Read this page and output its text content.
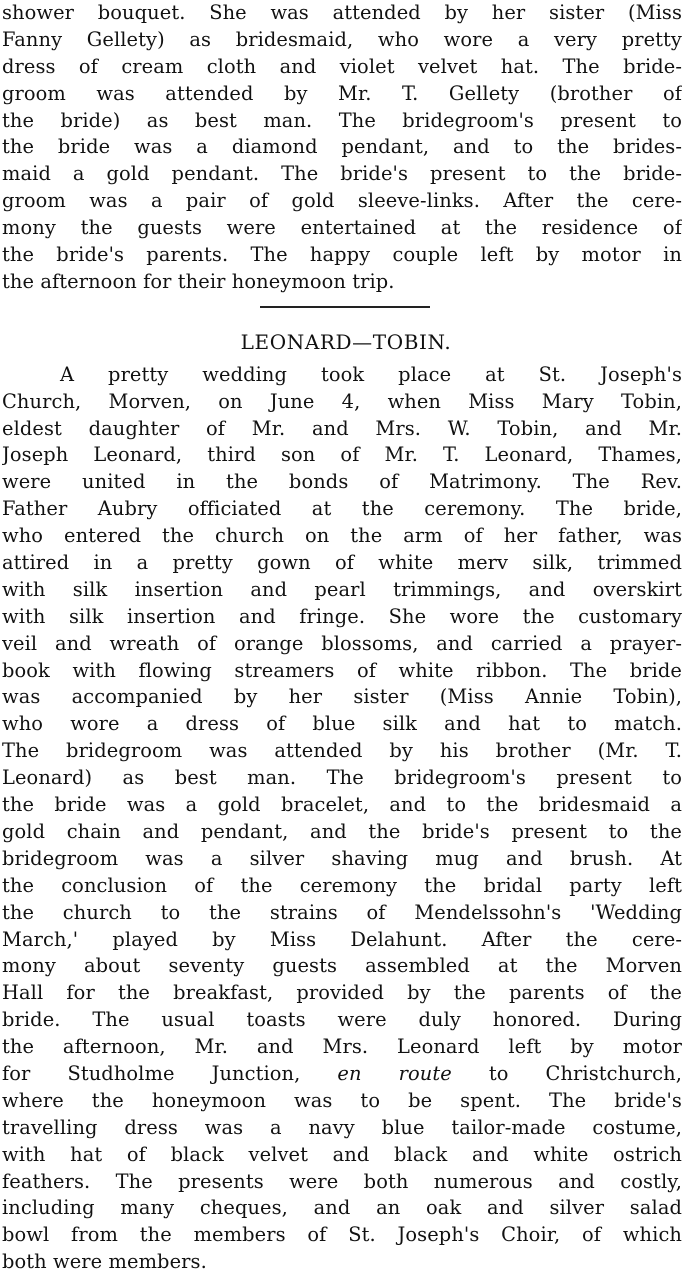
shower bouquet. She was attended by her sister (Miss
Fanny Gellety) as bridesmaid, who wore a very pretty
dress of cream cloth and violet velvet hat. The bride-
groom was attended by Mr. T. Gellety (brother of
the bride) as best man. The bridegroom's present to
the bride was a diamond pendant, and to the brides-
maid a gold pendant. The bride's present to the bride-
groom was a pair of gold sleeve-links. After the cere-
mony the guests were entertained at the residence of
the bride's parents. The happy couple left by motor in
the afternoon for their honeymoon trip.
LEONARD—TOBIN.
A pretty wedding took place at St. Joseph's
Church, Morven, on June 4, when Miss Mary Tobin,
eldest daughter of Mr. and Mrs. W. Tobin, and Mr.
Joseph Leonard, third son of Mr. T. Leonard, Thames,
were united in the bonds of Matrimony. The Rev.
Father Aubry officiated at the ceremony. The bride,
who entered the church on the arm of her father, was
attired in a pretty gown of white merv silk, trimmed
with silk insertion and pearl trimmings, and overskirt
with silk insertion and fringe. She wore the customary
veil and wreath of orange blossoms, and carried a prayer-
book with flowing streamers of white ribbon. The bride
was accompanied by her sister (Miss Annie Tobin),
who wore a dress of blue silk and hat to match.
The bridegroom was attended by his brother (Mr. T.
Leonard) as best man. The bridegroom's present to
the bride was a gold bracelet, and to the bridesmaid a
gold chain and pendant, and the bride's present to the
bridegroom was a silver shaving mug and brush. At
the conclusion of the ceremony the bridal party left
the church to the strains of Mendelssohn's 'Wedding
March,' played by Miss Delahunt. After the cere-
mony about seventy guests assembled at the Morven
Hall for the breakfast, provided by the parents of the
bride. The usual toasts were duly honored. During
the afternoon, Mr. and Mrs. Leonard left by motor
for Studholme Junction, en route to Christchurch,
where the honeymoon was to be spent. The bride's
travelling dress was a navy blue tailor-made costume,
with hat of black velvet and black and white ostrich
feathers. The presents were both numerous and costly,
including many cheques, and an oak and silver salad
bowl from the members of St. Joseph's Choir, of which
both were members.
